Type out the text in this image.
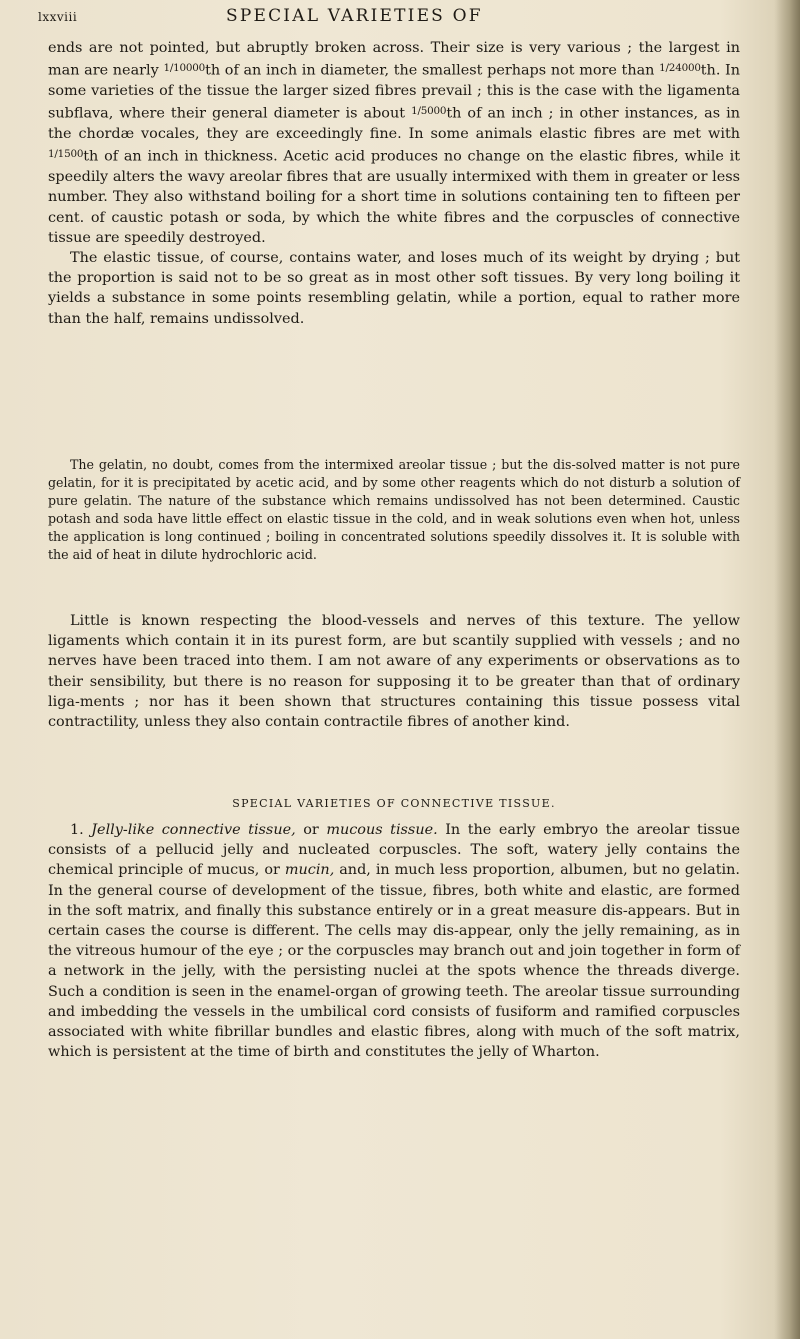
lxxviii	SPECIAL VARIETIES OF

ends are not pointed, but abruptly broken across. Their size is very various ; the largest in man are nearly $^{1/10000}$th of an inch in diameter, the smallest perhaps not more than $^{1/24000}$th. In some varieties of the tissue the larger sized fibres prevail ; this is the case with the ligamenta subflava, where their general diameter is about $^{1/5000}$th of an inch ; in other instances, as in the chordæ vocales, they are exceedingly fine. In some animals elastic fibres are met with $^{1/1500}$th of an inch in thickness. Acetic acid produces no change on the elastic fibres, while it speedily alters the wavy areolar fibres that are usually intermixed with them in greater or less number. They also withstand boiling for a short time in solutions containing ten to fifteen per cent. of caustic potash or soda, by which the white fibres and the corpuscles of connective tissue are speedily destroyed.

The elastic tissue, of course, contains water, and loses much of its weight by drying ; but the proportion is said not to be so great as in most other soft tissues. By very long boiling it yields a substance in some points resembling gelatin, while a portion, equal to rather more than the half, remains undissolved.

The gelatin, no doubt, comes from the intermixed areolar tissue ; but the dis-solved matter is not pure gelatin, for it is precipitated by acetic acid, and by some other reagents which do not disturb a solution of pure gelatin. The nature of the substance which remains undissolved has not been determined. Caustic potash and soda have little effect on elastic tissue in the cold, and in weak solutions even when hot, unless the application is long continued ; boiling in concentrated solutions speedily dissolves it. It is soluble with the aid of heat in dilute hydrochloric acid.

Little is known respecting the blood-vessels and nerves of this texture. The yellow ligaments which contain it in its purest form, are but scantily supplied with vessels ; and no nerves have been traced into them. I am not aware of any experiments or observations as to their sensibility, but there is no reason for supposing it to be greater than that of ordinary liga-ments ; nor has it been shown that structures containing this tissue possess vital contractility, unless they also contain contractile fibres of another kind.

SPECIAL VARIETIES OF CONNECTIVE TISSUE.

1. Jelly-like connective tissue, or mucous tissue. In the early embryo the areolar tissue consists of a pellucid jelly and nucleated corpuscles. The soft, watery jelly contains the chemical principle of mucus, or mucin, and, in much less proportion, albumen, but no gelatin. In the general course of development of the tissue, fibres, both white and elastic, are formed in the soft matrix, and finally this substance entirely or in a great measure dis-appears. But in certain cases the course is different. The cells may dis-appear, only the jelly remaining, as in the vitreous humour of the eye ; or the corpuscles may branch out and join together in form of a network in the jelly, with the persisting nuclei at the spots whence the threads diverge. Such a condition is seen in the enamel-organ of growing teeth. The areolar tissue surrounding and imbedding the vessels in the umbilical cord consists of fusiform and ramified corpuscles associated with white fibrillar bundles and elastic fibres, along with much of the soft matrix, which is persistent at the time of birth and constitutes the jelly of Wharton.
